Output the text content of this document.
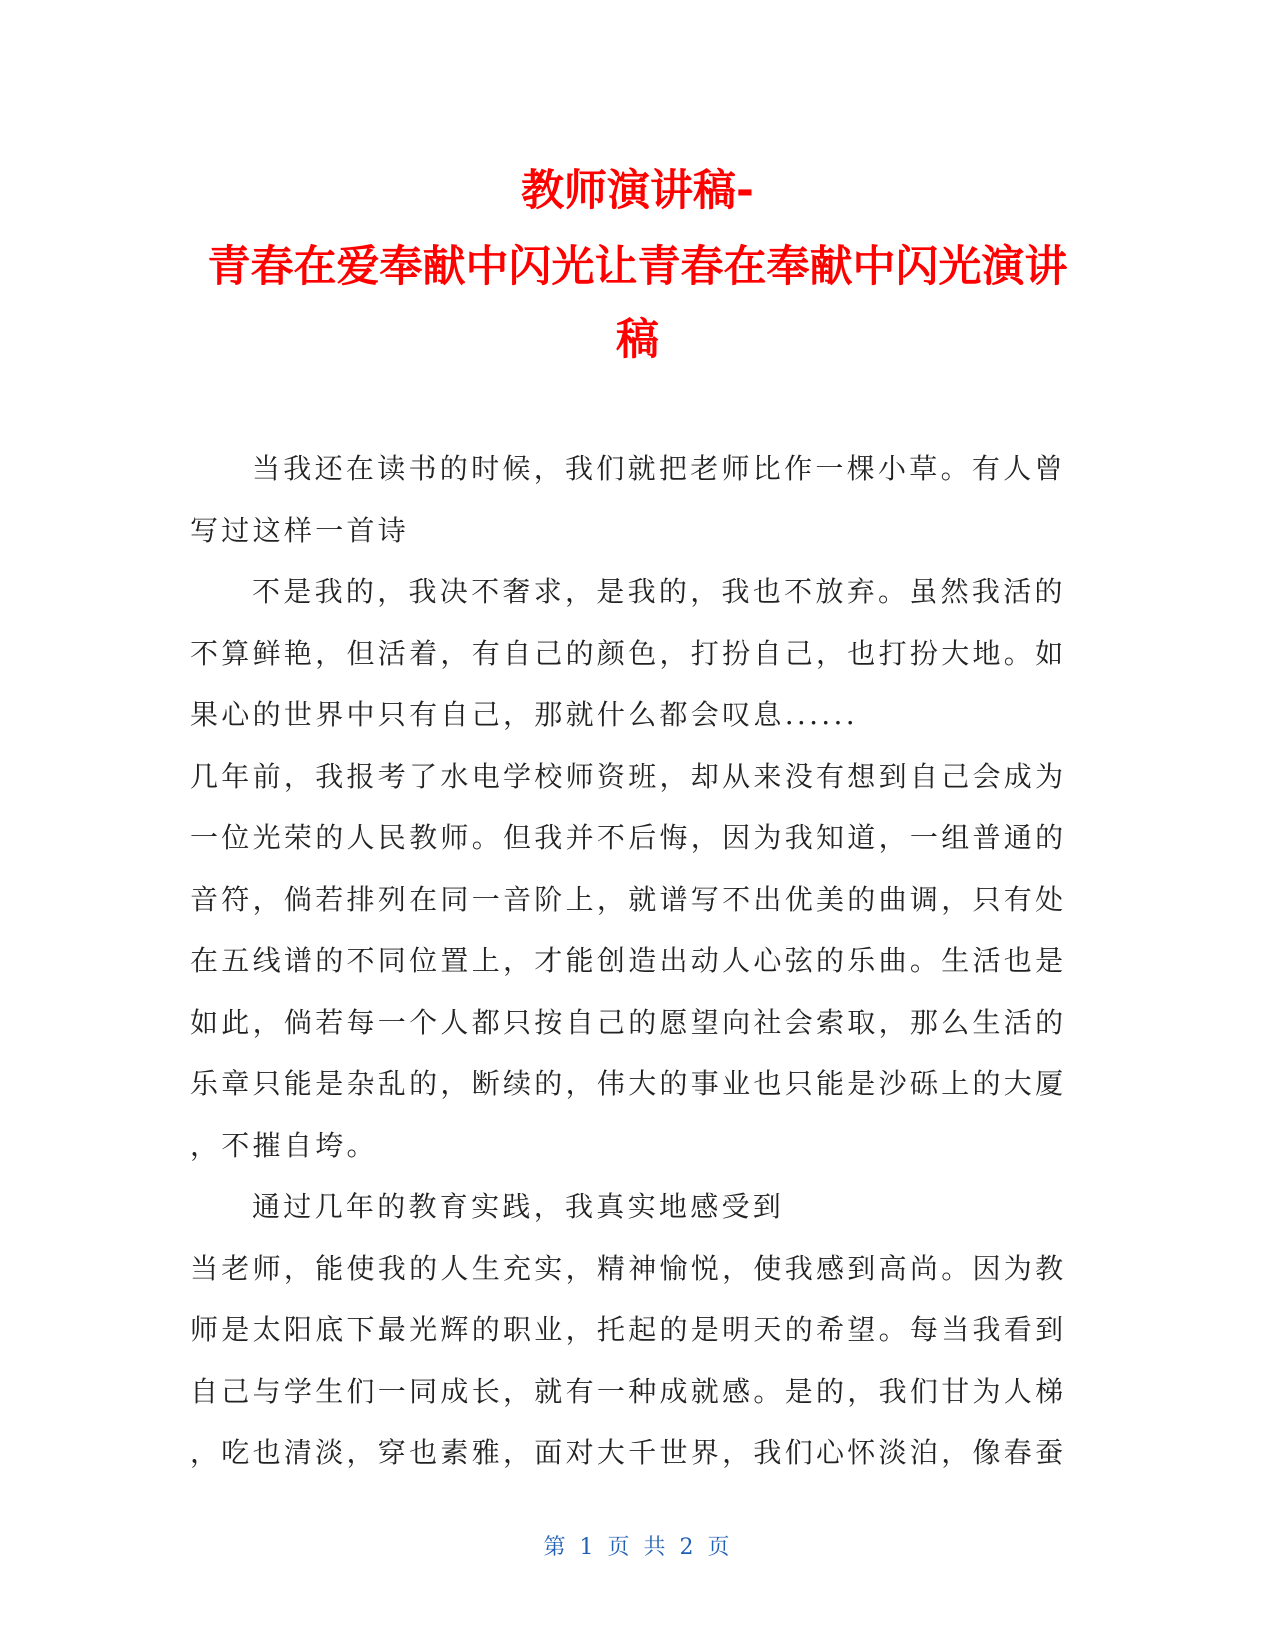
教师演讲稿-
青春在爱奉献中闪光让青春在奉献中闪光演讲
稿
当我还在读书的时候，我们就把老师比作一棵小草。有人曾
写过这样一首诗
不是我的，我决不奢求，是我的，我也不放弃。虽然我活的
不算鲜艳，但活着，有自己的颜色，打扮自己，也打扮大地。如
果心的世界中只有自己，那就什么都会叹息......
几年前，我报考了水电学校师资班，却从来没有想到自己会成为
一位光荣的人民教师。但我并不后悔，因为我知道，一组普通的
音符，倘若排列在同一音阶上，就谱写不出优美的曲调，只有处
在五线谱的不同位置上，才能创造出动人心弦的乐曲。生活也是
如此，倘若每一个人都只按自己的愿望向社会索取，那么生活的
乐章只能是杂乱的，断续的，伟大的事业也只能是沙砾上的大厦
，不摧自垮。
通过几年的教育实践，我真实地感受到
当老师，能使我的人生充实，精神愉悦，使我感到高尚。因为教
师是太阳底下最光辉的职业，托起的是明天的希望。每当我看到
自己与学生们一同成长，就有一种成就感。是的，我们甘为人梯
，吃也清淡，穿也素雅，面对大千世界，我们心怀淡泊，像春蚕
第 1 页 共 2 页
